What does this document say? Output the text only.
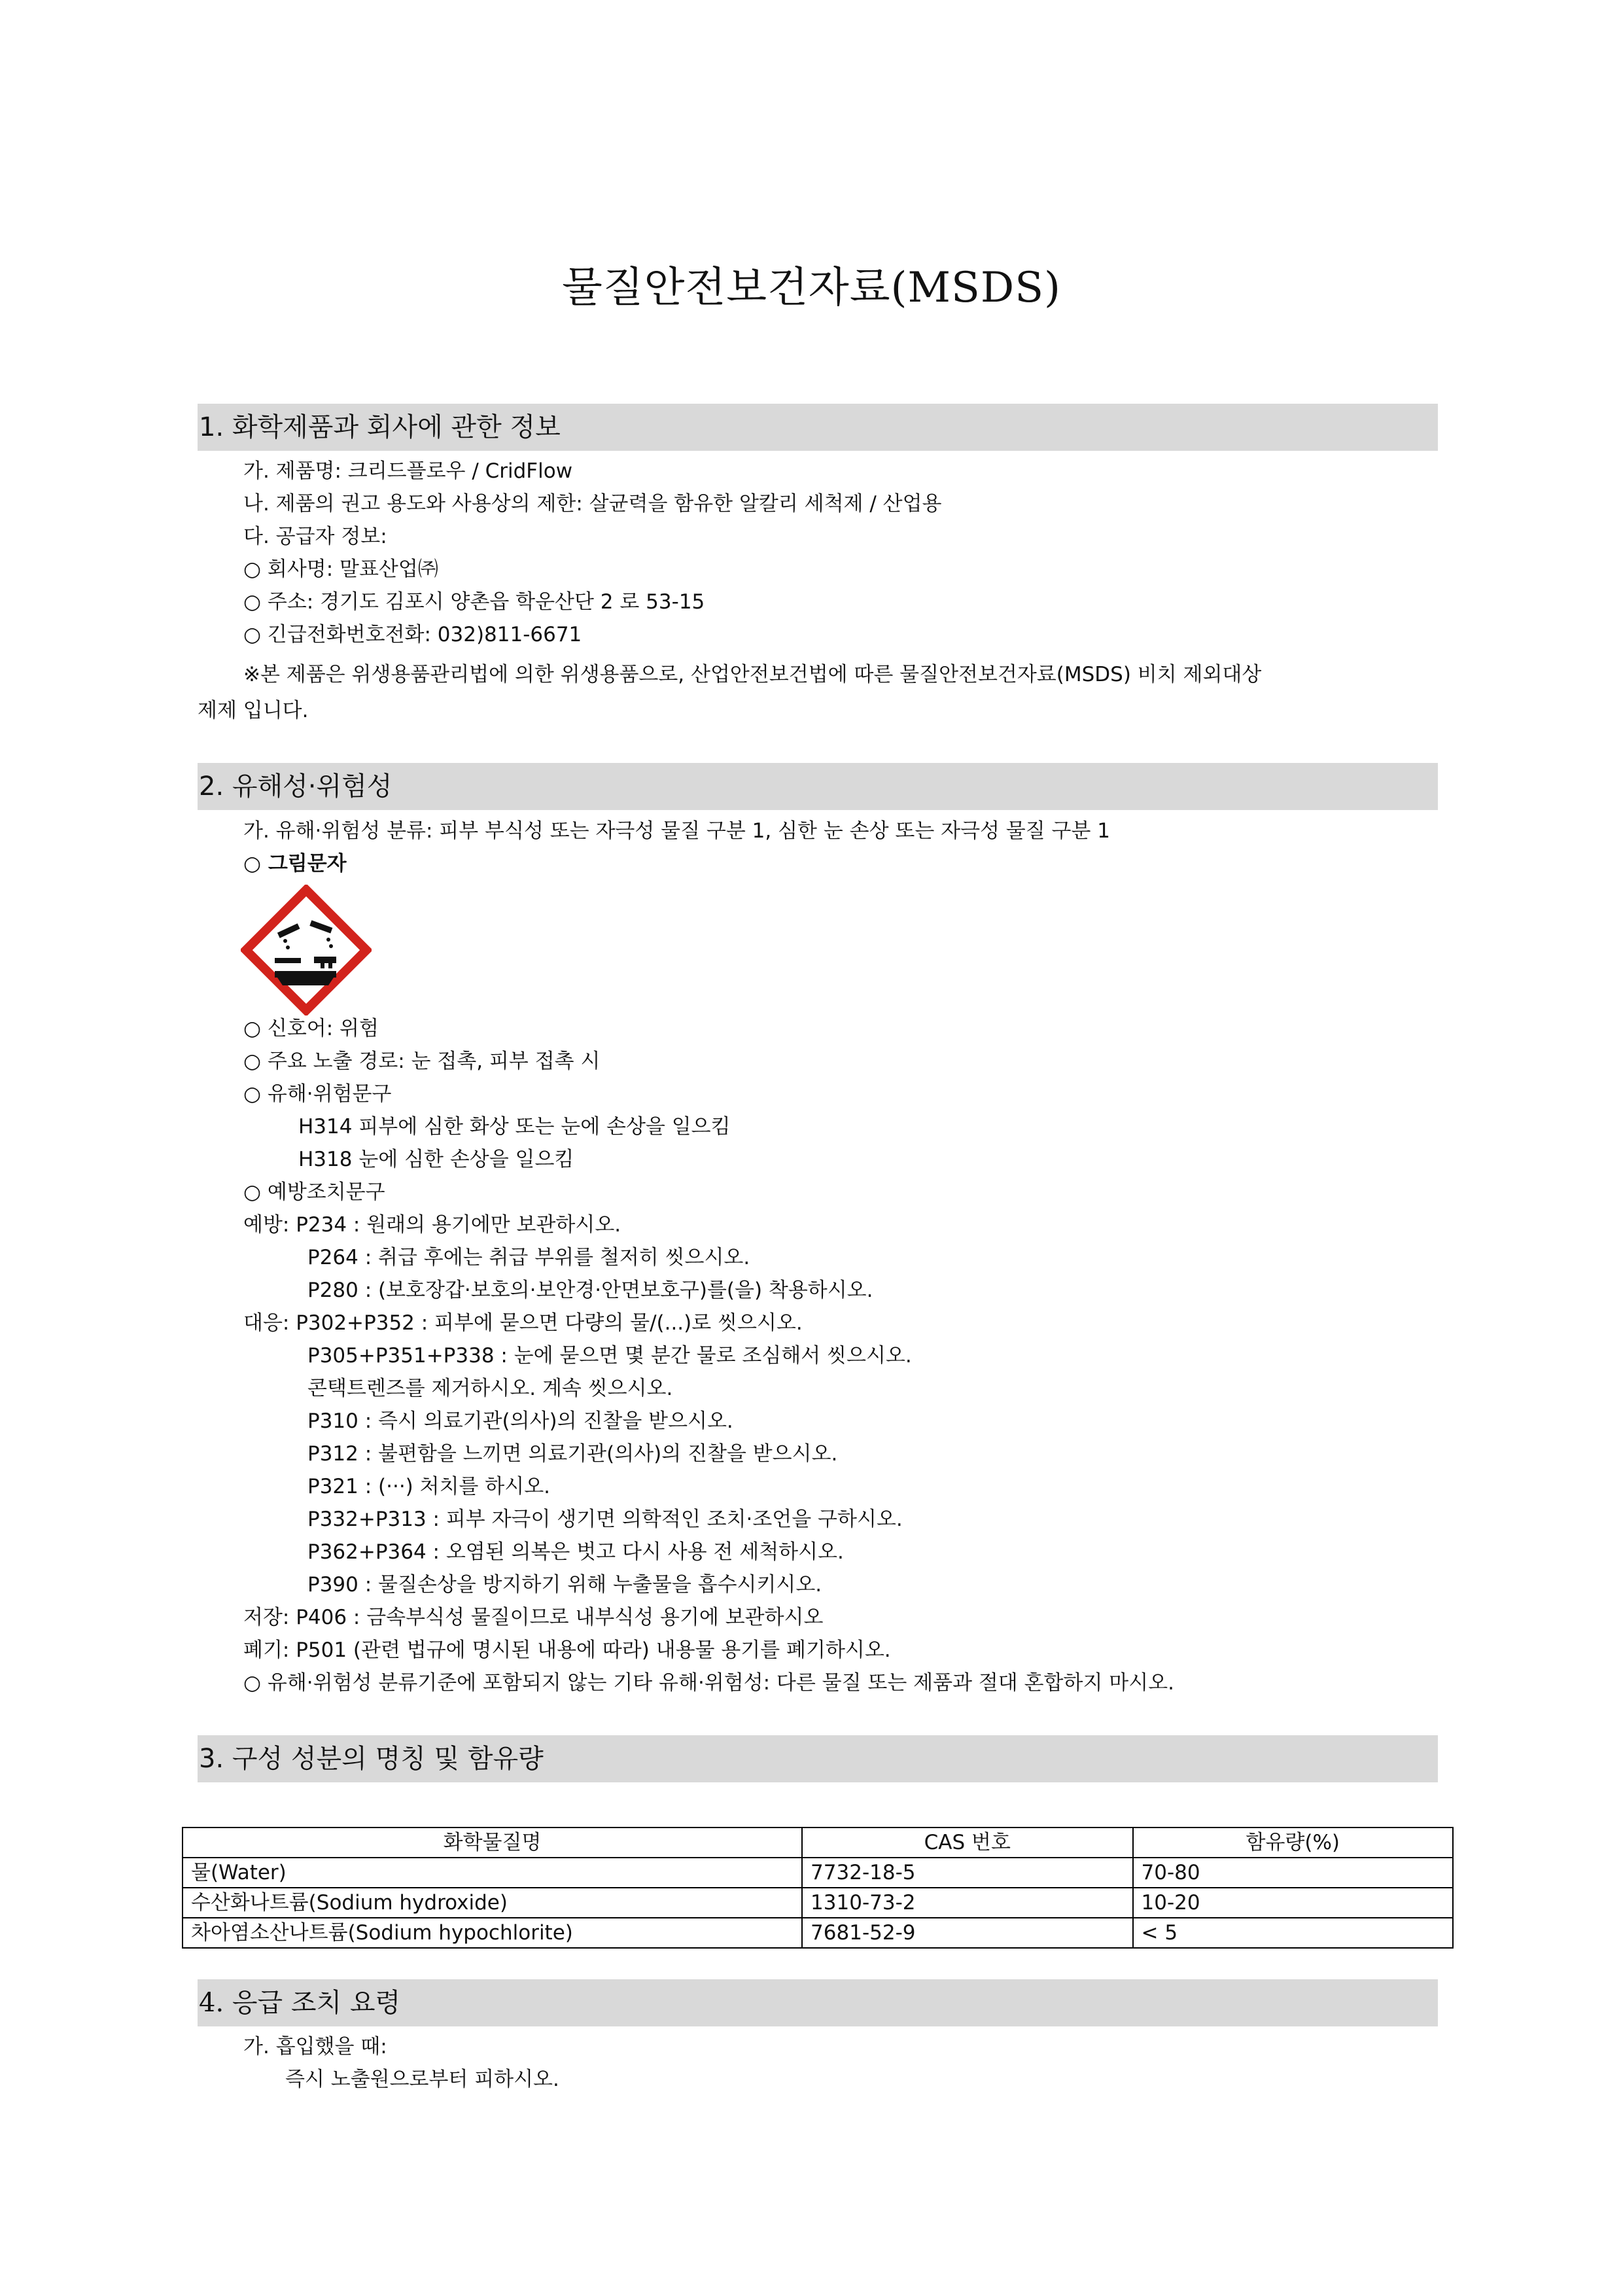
물질안전보건자료(MSDS)
1. 화학제품과 회사에 관한 정보
가. 제품명: 크리드플로우 / CridFlow
나. 제품의 권고 용도와 사용상의 제한: 살균력을 함유한 알칼리 세척제 / 산업용
다. 공급자 정보:
○ 회사명: 말표산업㈜
○ 주소: 경기도 김포시 양촌읍 학운산단 2 로 53-15
○ 긴급전화번호전화: 032)811-6671
※본 제품은 위생용품관리법에 의한 위생용품으로, 산업안전보건법에 따른 물질안전보건자료(MSDS) 비치 제외대상
제제 입니다.
2. 유해성·위험성
가. 유해·위험성 분류: 피부 부식성 또는 자극성 물질 구분 1, 심한 눈 손상 또는 자극성 물질 구분 1
○ 그림문자
○ 신호어: 위험
○ 주요 노출 경로: 눈 접촉, 피부 접촉 시
○ 유해·위험문구
H314 피부에 심한 화상 또는 눈에 손상을 일으킴
H318 눈에 심한 손상을 일으킴
○ 예방조치문구
예방: P234 : 원래의 용기에만 보관하시오.
P264 : 취급 후에는 취급 부위를 철저히 씻으시오.
P280 : (보호장갑·보호의·보안경·안면보호구)를(을) 착용하시오.
대응: P302+P352 : 피부에 묻으면 다량의 물/(...)로 씻으시오.
P305+P351+P338 : 눈에 묻으면 몇 분간 물로 조심해서 씻으시오.
콘택트렌즈를 제거하시오. 계속 씻으시오.
P310 : 즉시 의료기관(의사)의 진찰을 받으시오.
P312 : 불편함을 느끼면 의료기관(의사)의 진찰을 받으시오.
P321 : (···) 처치를 하시오.
P332+P313 : 피부 자극이 생기면 의학적인 조치·조언을 구하시오.
P362+P364 : 오염된 의복은 벗고 다시 사용 전 세척하시오.
P390 : 물질손상을 방지하기 위해 누출물을 흡수시키시오.
저장: P406 : 금속부식성 물질이므로 내부식성 용기에 보관하시오
폐기: P501 (관련 법규에 명시된 내용에 따라) 내용물 용기를 폐기하시오.
○ 유해·위험성 분류기준에 포함되지 않는 기타 유해·위험성: 다른 물질 또는 제품과 절대 혼합하지 마시오.
3. 구성 성분의 명칭 및 함유량
화학물질명	CAS 번호	함유량(%)
물(Water)	7732-18-5	70-80
수산화나트륨(Sodium hydroxide)	1310-73-2	10-20
차아염소산나트륨(Sodium hypochlorite)	7681-52-9	< 5
4. 응급 조치 요령
가. 흡입했을 때:
즉시 노출원으로부터 피하시오.
